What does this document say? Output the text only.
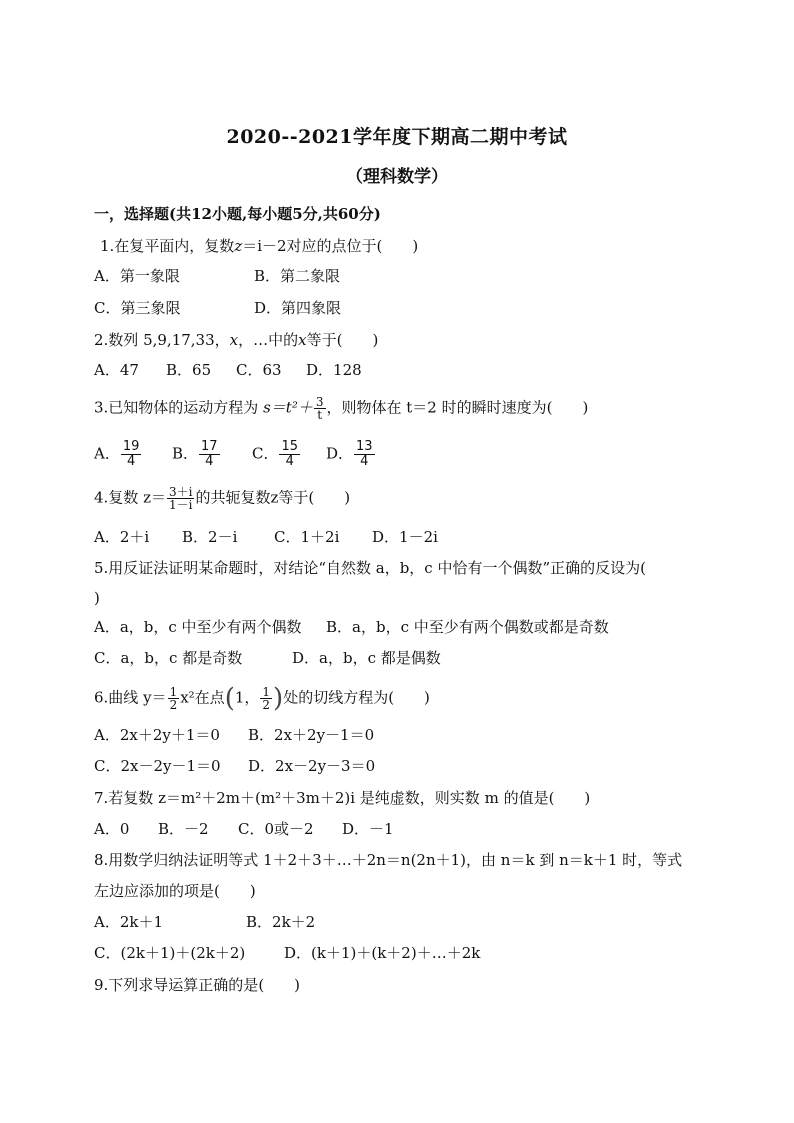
2020--2021学年度下期高二期中考试
（理科数学）
一，选择题(共12小题,每小题5分,共60分)
1.在复平面内，复数z＝i－2对应的点位于(　　)
A．第一象限	B．第二象限
C．第三象限	D．第四象限
2.数列 5,9,17,33，x，…中的x等于(　　)
A．47 B．65 C．63 D．128
3.已知物体的运动方程为 $s=t^2+ \frac{3}{t}$ ，则物体在 t＝2 时的瞬时速度为(　　)
A． $\frac{19}{4}$ B． $\frac{17}{4}$ C． $\frac{15}{4}$ D． $\frac{13}{4}$
4.复数 $z= \frac{3+i}{1-i}$ 的共轭复数z等于(　　)
A．2＋i B．2－i C．1＋2i D．1－2i
5.用反证法证明某命题时，对结论“自然数 a，b，c 中恰有一个偶数”正确的反设为(
)
A．a，b，c 中至少有两个偶数 B．a，b，c 中至少有两个偶数或都是奇数
C．a，b，c 都是奇数	D．a，b，c 都是偶数
6.曲线 $y= \frac{1}{2} x^2$在点(1， $\frac{1}{2}$ )处的切线方程为(　　)
A．2x＋2y＋1＝0 B．2x＋2y－1＝0
C．2x－2y－1＝0 D．2x－2y－3＝0
7.若复数 z＝m²＋2m＋(m²＋3m＋2)i 是纯虚数，则实数 m 的值是(　　)
A．0 B．－2 C．0或－2 D．－1
8.用数学归纳法证明等式 1＋2＋3＋…＋2n＝n(2n＋1)，由 n＝k 到 n＝k＋1 时，等式
左边应添加的项是(　　)
A．2k＋1	B．2k＋2
C．(2k＋1)＋(2k＋2)	D．(k＋1)＋(k＋2)＋…＋2k
9.下列求导运算正确的是(　　)
